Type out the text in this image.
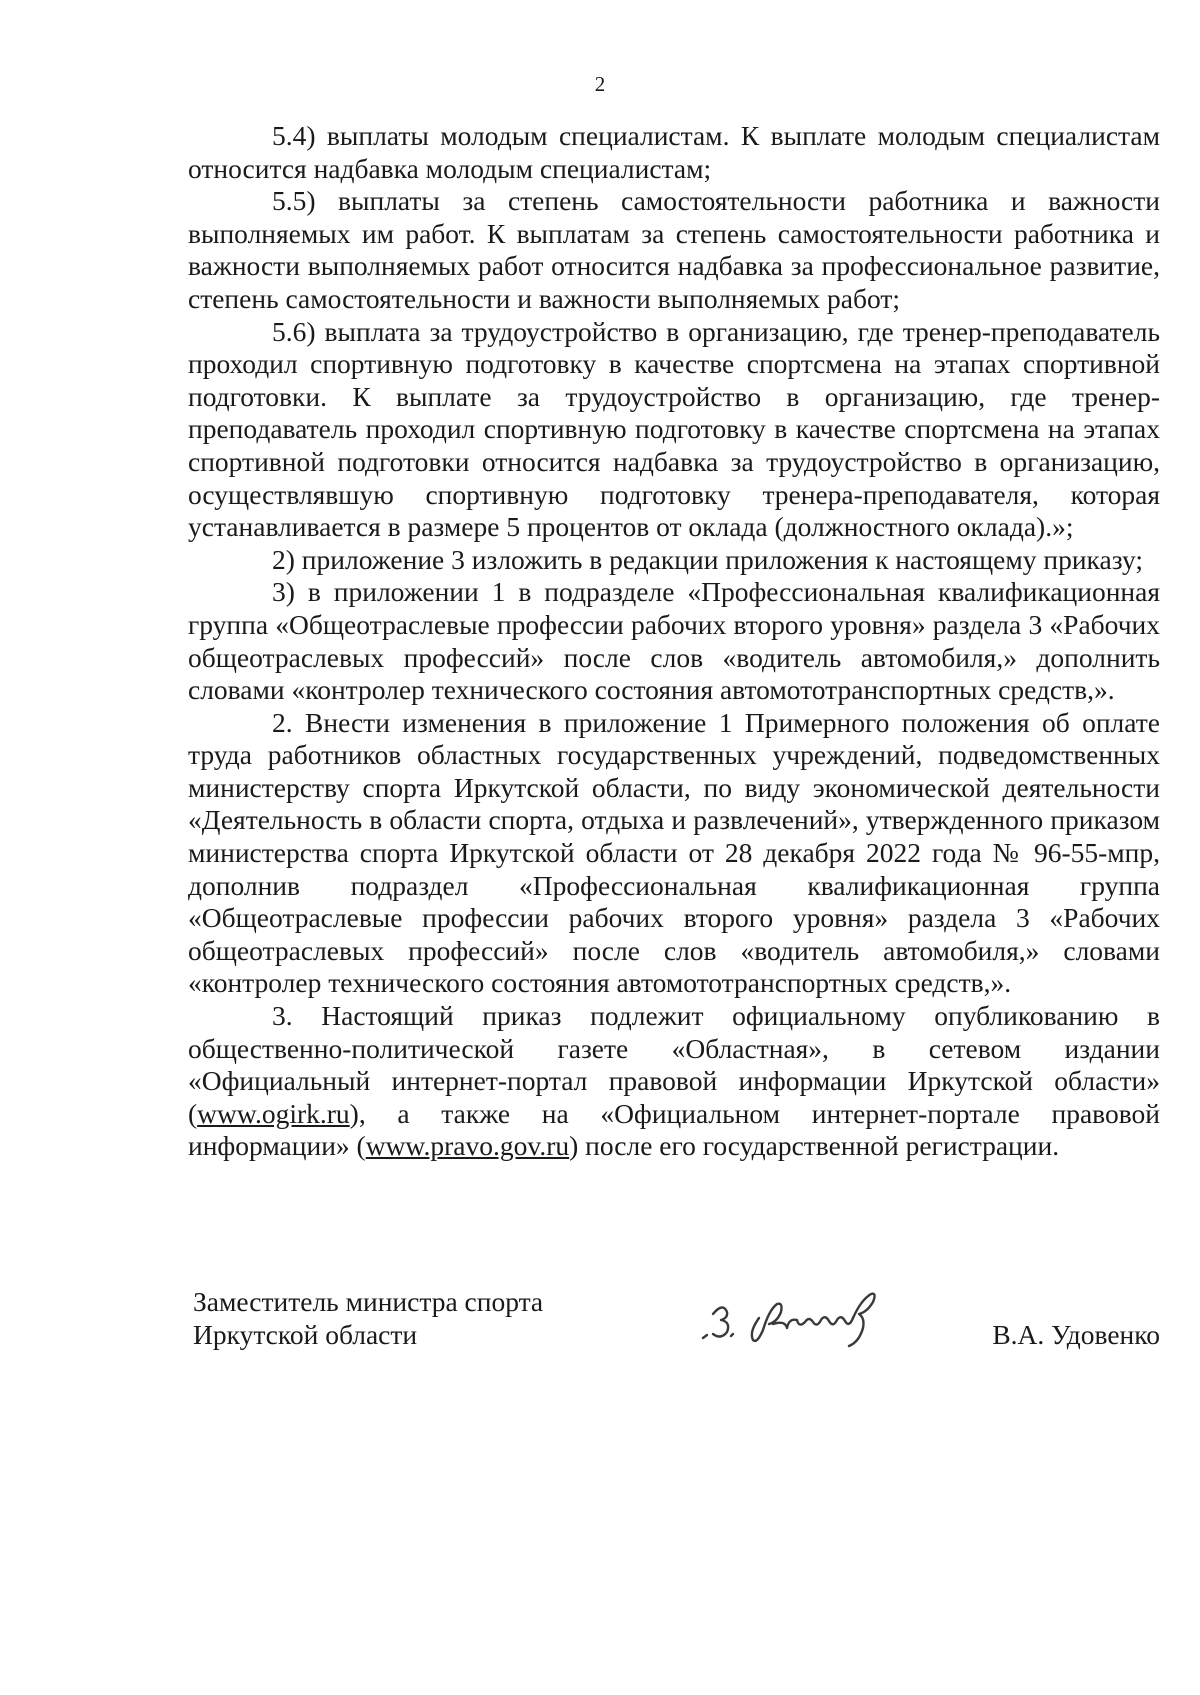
2

5.4) выплаты молодым специалистам. К выплате молодым специалистам относится надбавка молодым специалистам;

5.5) выплаты за степень самостоятельности работника и важности выполняемых им работ. К выплатам за степень самостоятельности работника и важности выполняемых работ относится надбавка за профессиональное развитие, степень самостоятельности и важности выполняемых работ;

5.6) выплата за трудоустройство в организацию, где тренер-преподаватель проходил спортивную подготовку в качестве спортсмена на этапах спортивной подготовки. К выплате за трудоустройство в организацию, где тренер-преподаватель проходил спортивную подготовку в качестве спортсмена на этапах спортивной подготовки относится надбавка за трудоустройство в организацию, осуществлявшую спортивную подготовку тренера-преподавателя, которая устанавливается в размере 5 процентов от оклада (должностного оклада).»;

2) приложение 3 изложить в редакции приложения к настоящему приказу;

3) в приложении 1 в подразделе «Профессиональная квалификационная группа «Общеотраслевые профессии рабочих второго уровня» раздела 3 «Рабочих общеотраслевых профессий» после слов «водитель автомобиля,» дополнить словами «контролер технического состояния автомототранспортных средств,».

2. Внести изменения в приложение 1 Примерного положения об оплате труда работников областных государственных учреждений, подведомственных министерству спорта Иркутской области, по виду экономической деятельности «Деятельность в области спорта, отдыха и развлечений», утвержденного приказом министерства спорта Иркутской области от 28 декабря 2022 года № 96-55-мпр, дополнив подраздел «Профессиональная квалификационная группа «Общеотраслевые профессии рабочих второго уровня» раздела 3 «Рабочих общеотраслевых профессий» после слов «водитель автомобиля,» словами «контролер технического состояния автомототранспортных средств,».

3. Настоящий приказ подлежит официальному опубликованию в общественно-политической газете «Областная», в сетевом издании «Официальный интернет-портал правовой информации Иркутской области» (www.ogirk.ru), а также на «Официальном интернет-портале правовой информации» (www.pravo.gov.ru) после его государственной регистрации.

Заместитель министра спорта
Иркутской области	В.А. Удовенко
